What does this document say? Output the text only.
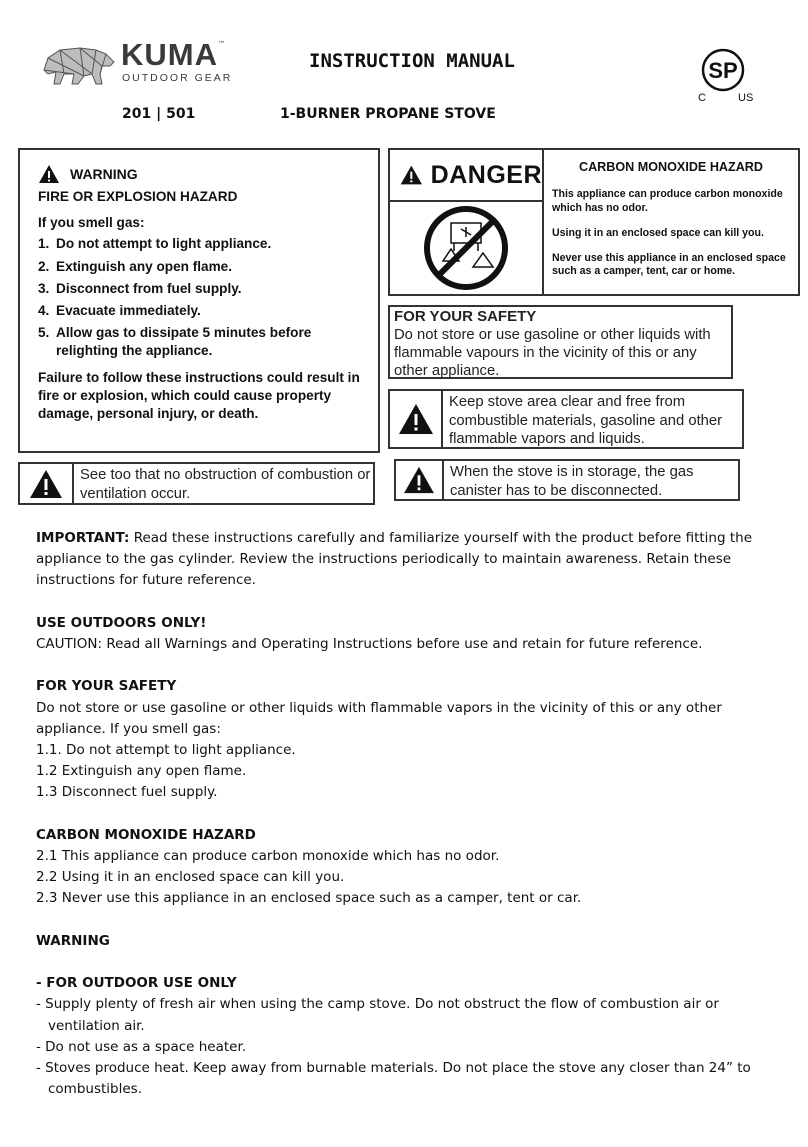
KUMA ™
OUTDOOR GEAR
INSTRUCTION MANUAL
201 | 501	1-BURNER PROPANE STOVE
SP
C	US
WARNING
FIRE OR EXPLOSION HAZARD
If you smell gas:
1. Do not attempt to light appliance.
2. Extinguish any open flame.
3. Disconnect from fuel supply.
4. Evacuate immediately.
5. Allow gas to dissipate 5 minutes before relighting the appliance.
Failure to follow these instructions could result in fire or explosion, which could cause property damage, personal injury, or death.
DANGER	CARBON MONOXIDE HAZARD

This appliance can produce carbon monoxide which has no odor.

Using it in an enclosed space can kill you.

Never use this appliance in an enclosed space such as a camper, tent, car or home.

FOR YOUR SAFETY
Do not store or use gasoline or other liquids with flammable vapours in the vicinity of this or any other appliance.
Keep stove area clear and free from combustible materials, gasoline and other flammable vapors and liquids.
See too that no obstruction of combustion or ventilation occur.
When the stove is in storage, the gas canister has to be disconnected.

IMPORTANT: Read these instructions carefully and familiarize yourself with the product before fitting the appliance to the gas cylinder. Review the instructions periodically to maintain awareness. Retain these instructions for future reference.

USE OUTDOORS ONLY!

CAUTION: Read all Warnings and Operating Instructions before use and retain for future reference.

FOR YOUR SAFETY

Do not store or use gasoline or other liquids with flammable vapors in the vicinity of this or any other appliance. If you smell gas:

1.1. Do not attempt to light appliance.

1.2 Extinguish any open flame.

1.3 Disconnect fuel supply.

CARBON MONOXIDE HAZARD

2.1 This appliance can produce carbon monoxide which has no odor.

2.2 Using it in an enclosed space can kill you.

2.3 Never use this appliance in an enclosed space such as a camper, tent or car.

WARNING

- FOR OUTDOOR USE ONLY

- Supply plenty of fresh air when using the camp stove. Do not obstruct the flow of combustion air or ventilation air.

- Do not use as a space heater.

- Stoves produce heat. Keep away from burnable materials. Do not place the stove any closer than 24” to combustibles.
